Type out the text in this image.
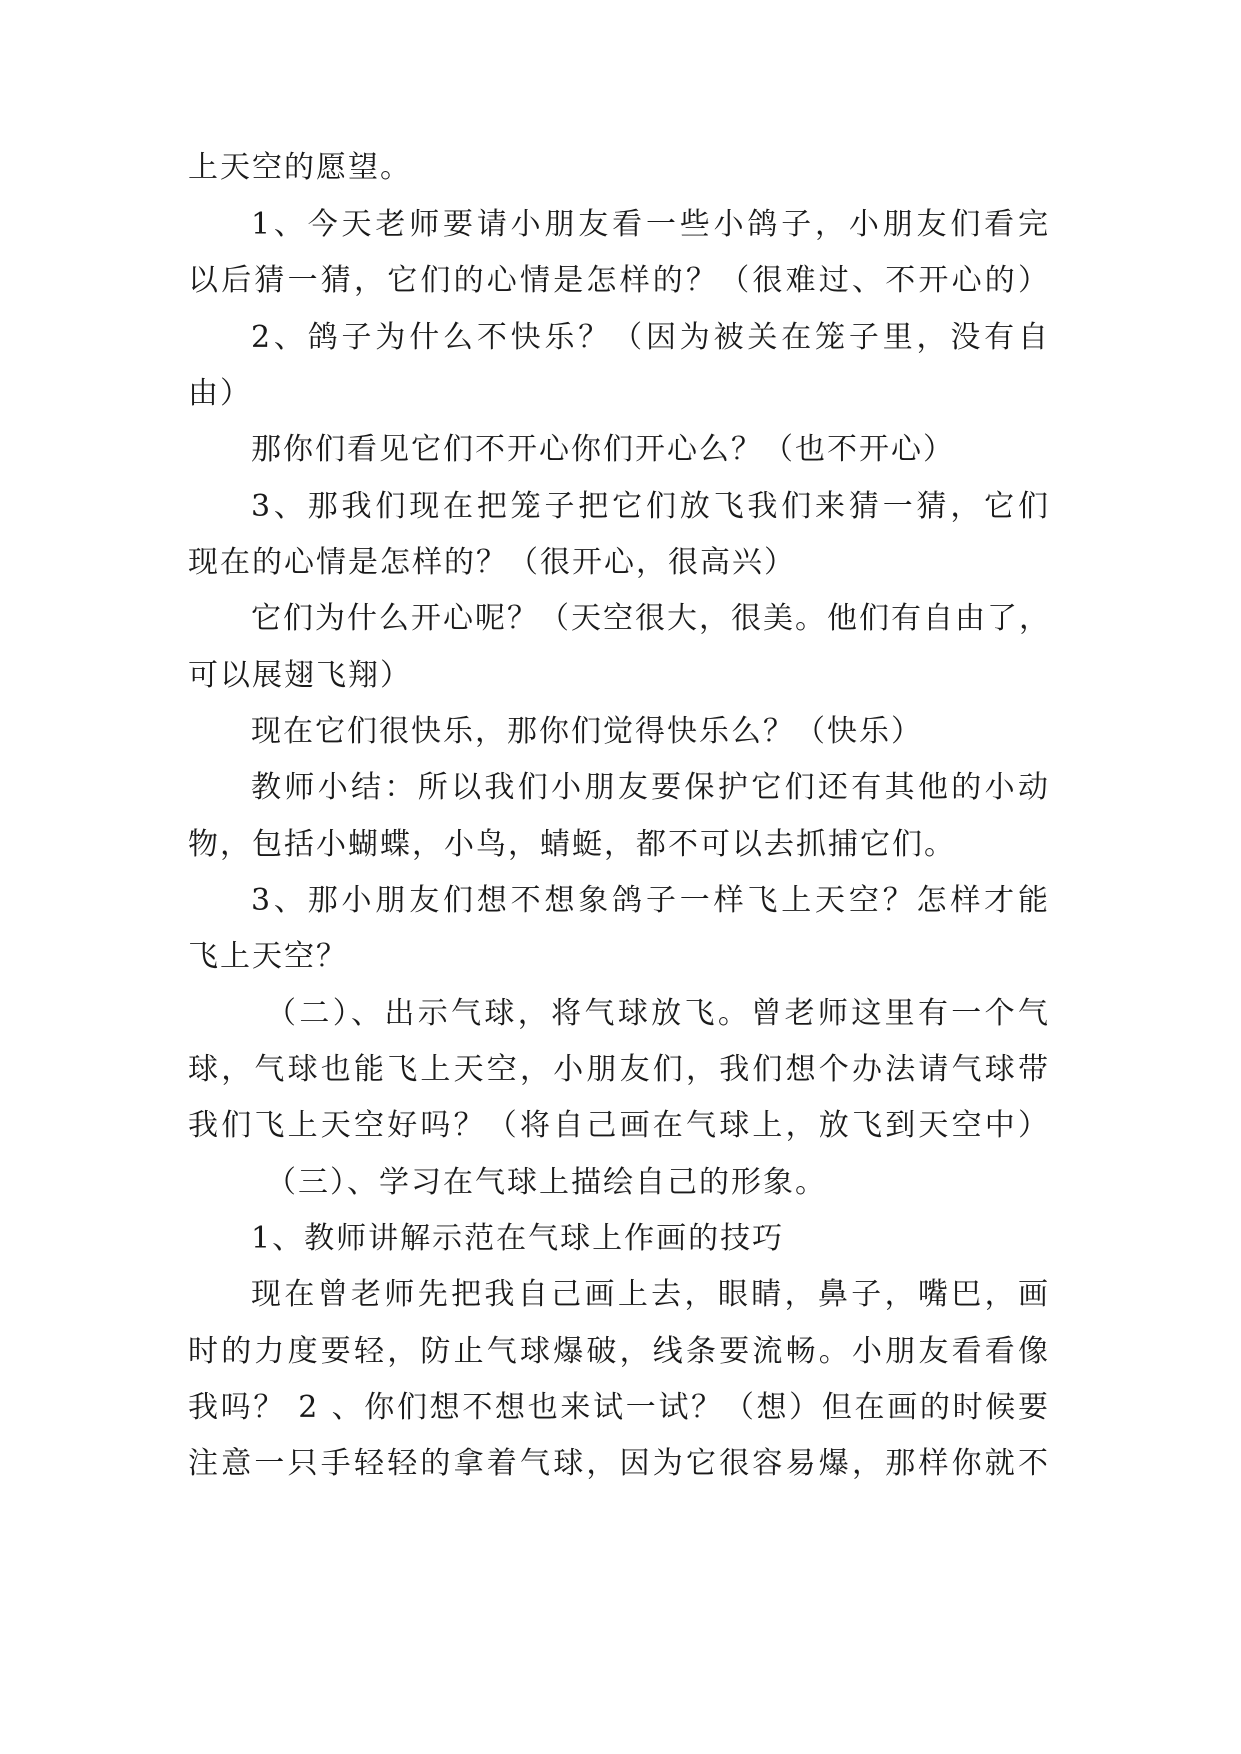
上天空的愿望。
1、今天老师要请小朋友看一些小鸽子，小朋友们看完
以后猜一猜，它们的心情是怎样的？（很难过、不开心的）
2、鸽子为什么不快乐？（因为被关在笼子里，没有自
由）
那你们看见它们不开心你们开心么？（也不开心）
3、那我们现在把笼子把它们放飞我们来猜一猜，它们
现在的心情是怎样的？（很开心，很高兴）
它们为什么开心呢？（天空很大，很美。他们有自由了，
可以展翅飞翔）
现在它们很快乐，那你们觉得快乐么？（快乐）
教师小结：所以我们小朋友要保护它们还有其他的小动
物，包括小蝴蝶，小鸟，蜻蜓，都不可以去抓捕它们。
3、那小朋友们想不想象鸽子一样飞上天空？怎样才能
飞上天空？
（二）、出示气球，将气球放飞。曾老师这里有一个气
球，气球也能飞上天空，小朋友们，我们想个办法请气球带
我们飞上天空好吗？（将自己画在气球上，放飞到天空中）
（三）、学习在气球上描绘自己的形象。
1、教师讲解示范在气球上作画的技巧
现在曾老师先把我自己画上去，眼睛，鼻子，嘴巴，画
时的力度要轻，防止气球爆破，线条要流畅。小朋友看看像
我吗？ 2 、你们想不想也来试一试？（想）但在画的时候要
注意一只手轻轻的拿着气球，因为它很容易爆，那样你就不
